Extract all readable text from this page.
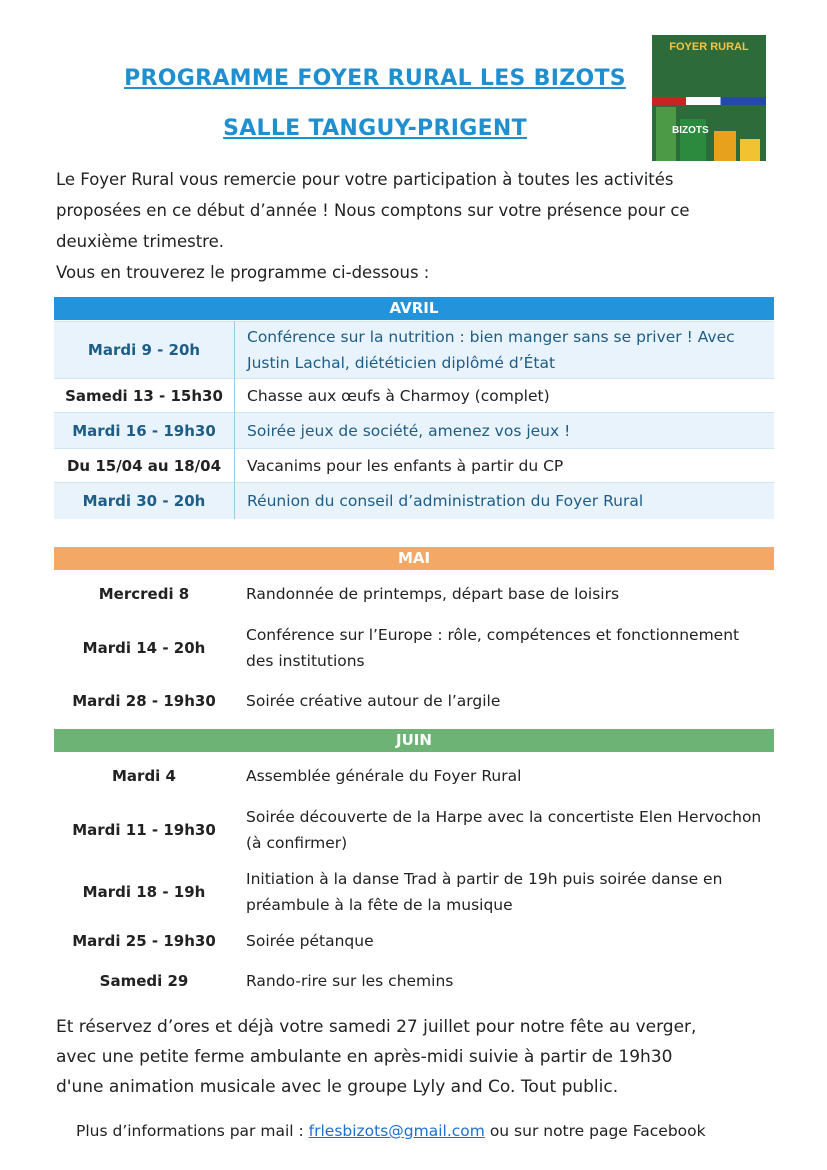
PROGRAMME FOYER RURAL LES BIZOTS
SALLE TANGUY-PRIGENT
FOYER RURAL
BIZOTS

Le Foyer Rural vous remercie pour votre participation à toutes les activités

proposées en ce début d’année ! Nous comptons sur votre présence pour ce

deuxième trimestre.

Vous en trouverez le programme ci-dessous :

AVRIL
Mardi 9 - 20h	Conférence sur la nutrition : bien manger sans se priver ! Avec Justin Lachal, diététicien diplômé d’État
Samedi 13 - 15h30	Chasse aux œufs à Charmoy (complet)
Mardi 16 - 19h30	Soirée jeux de société, amenez vos jeux !
Du 15/04 au 18/04	Vacanims pour les enfants à partir du CP
Mardi 30 - 20h	Réunion du conseil d’administration du Foyer Rural
MAI
Mercredi 8	Randonnée de printemps, départ base de loisirs
Mardi 14 - 20h	Conférence sur l’Europe : rôle, compétences et fonctionnement des institutions
Mardi 28 - 19h30	Soirée créative autour de l’argile
JUIN
Mardi 4	Assemblée générale du Foyer Rural
Mardi 11 - 19h30	Soirée découverte de la Harpe avec la concertiste Elen Hervochon (à confirmer)
Mardi 18 - 19h	Initiation à la danse Trad à partir de 19h puis soirée danse en préambule à la fête de la musique
Mardi 25 - 19h30	Soirée pétanque
Samedi 29	Rando-rire sur les chemins

Et réservez d’ores et déjà votre samedi 27 juillet pour notre fête au verger,

avec une petite ferme ambulante en après-midi suivie à partir de 19h30

d'une animation musicale avec le groupe Lyly and Co. Tout public.

Plus d’informations par mail : frlesbizots@gmail.com ou sur notre page Facebook
